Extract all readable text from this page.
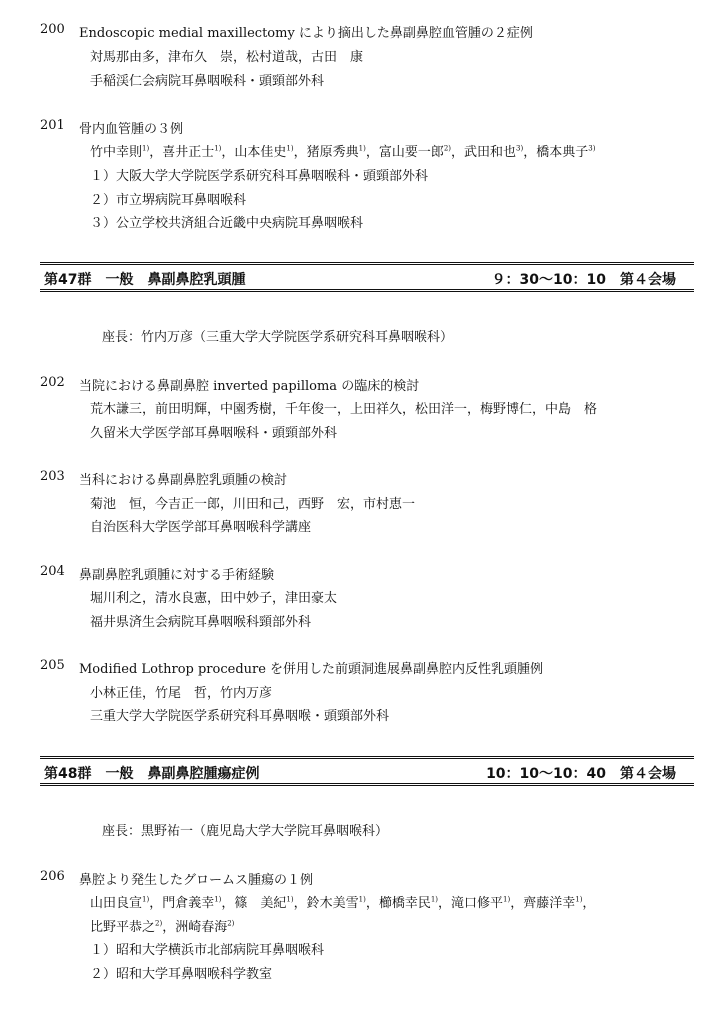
200 Endoscopic medial maxillectomy により摘出した鼻副鼻腔血管腫の２症例
対馬那由多，津布久　崇，松村道哉，古田　康
手稲渓仁会病院耳鼻咽喉科・頭頸部外科
201 骨内血管腫の３例
竹中幸則$^{1)}$，喜井正士$^{1)}$，山本佳史$^{1)}$，猪原秀典$^{1)}$，富山要一郎$^{2)}$，武田和也$^{3)}$，橋本典子$^{3)}$
１）大阪大学大学院医学系研究科耳鼻咽喉科・頭頸部外科
２）市立堺病院耳鼻咽喉科
３）公立学校共済組合近畿中央病院耳鼻咽喉科
第47群　一般　鼻副鼻腔乳頭腫	９：30〜10：10　第４会場
座長：竹内万彦（三重大学大学院医学系研究科耳鼻咽喉科）
202 当院における鼻副鼻腔 inverted papilloma の臨床的検討
荒木謙三，前田明輝，中園秀樹，千年俊一，上田祥久，松田洋一，梅野博仁，中島　格
久留米大学医学部耳鼻咽喉科・頭頸部外科
203 当科における鼻副鼻腔乳頭腫の検討
菊池　恒，今吉正一郎，川田和己，西野　宏，市村恵一
自治医科大学医学部耳鼻咽喉科学講座
204 鼻副鼻腔乳頭腫に対する手術経験
堀川利之，清水良憲，田中妙子，津田豪太
福井県済生会病院耳鼻咽喉科頸部外科
205 Modified Lothrop procedure を併用した前頭洞進展鼻副鼻腔内反性乳頭腫例
小林正佳，竹尾　哲，竹内万彦
三重大学大学院医学系研究科耳鼻咽喉・頭頸部外科
第48群　一般　鼻副鼻腔腫瘍症例	10：10〜10：40　第４会場
座長：黒野祐一（鹿児島大学大学院耳鼻咽喉科）
206 鼻腔より発生したグロームス腫瘍の１例
山田良宣$^{1)}$，門倉義幸$^{1)}$，篠　美紀$^{1)}$，鈴木美雪$^{1)}$，櫛橋幸民$^{1)}$，滝口修平$^{1)}$，齊藤洋幸$^{1)}$，
比野平恭之$^{2)}$，洲崎春海$^{2)}$
１）昭和大学横浜市北部病院耳鼻咽喉科
２）昭和大学耳鼻咽喉科学教室
